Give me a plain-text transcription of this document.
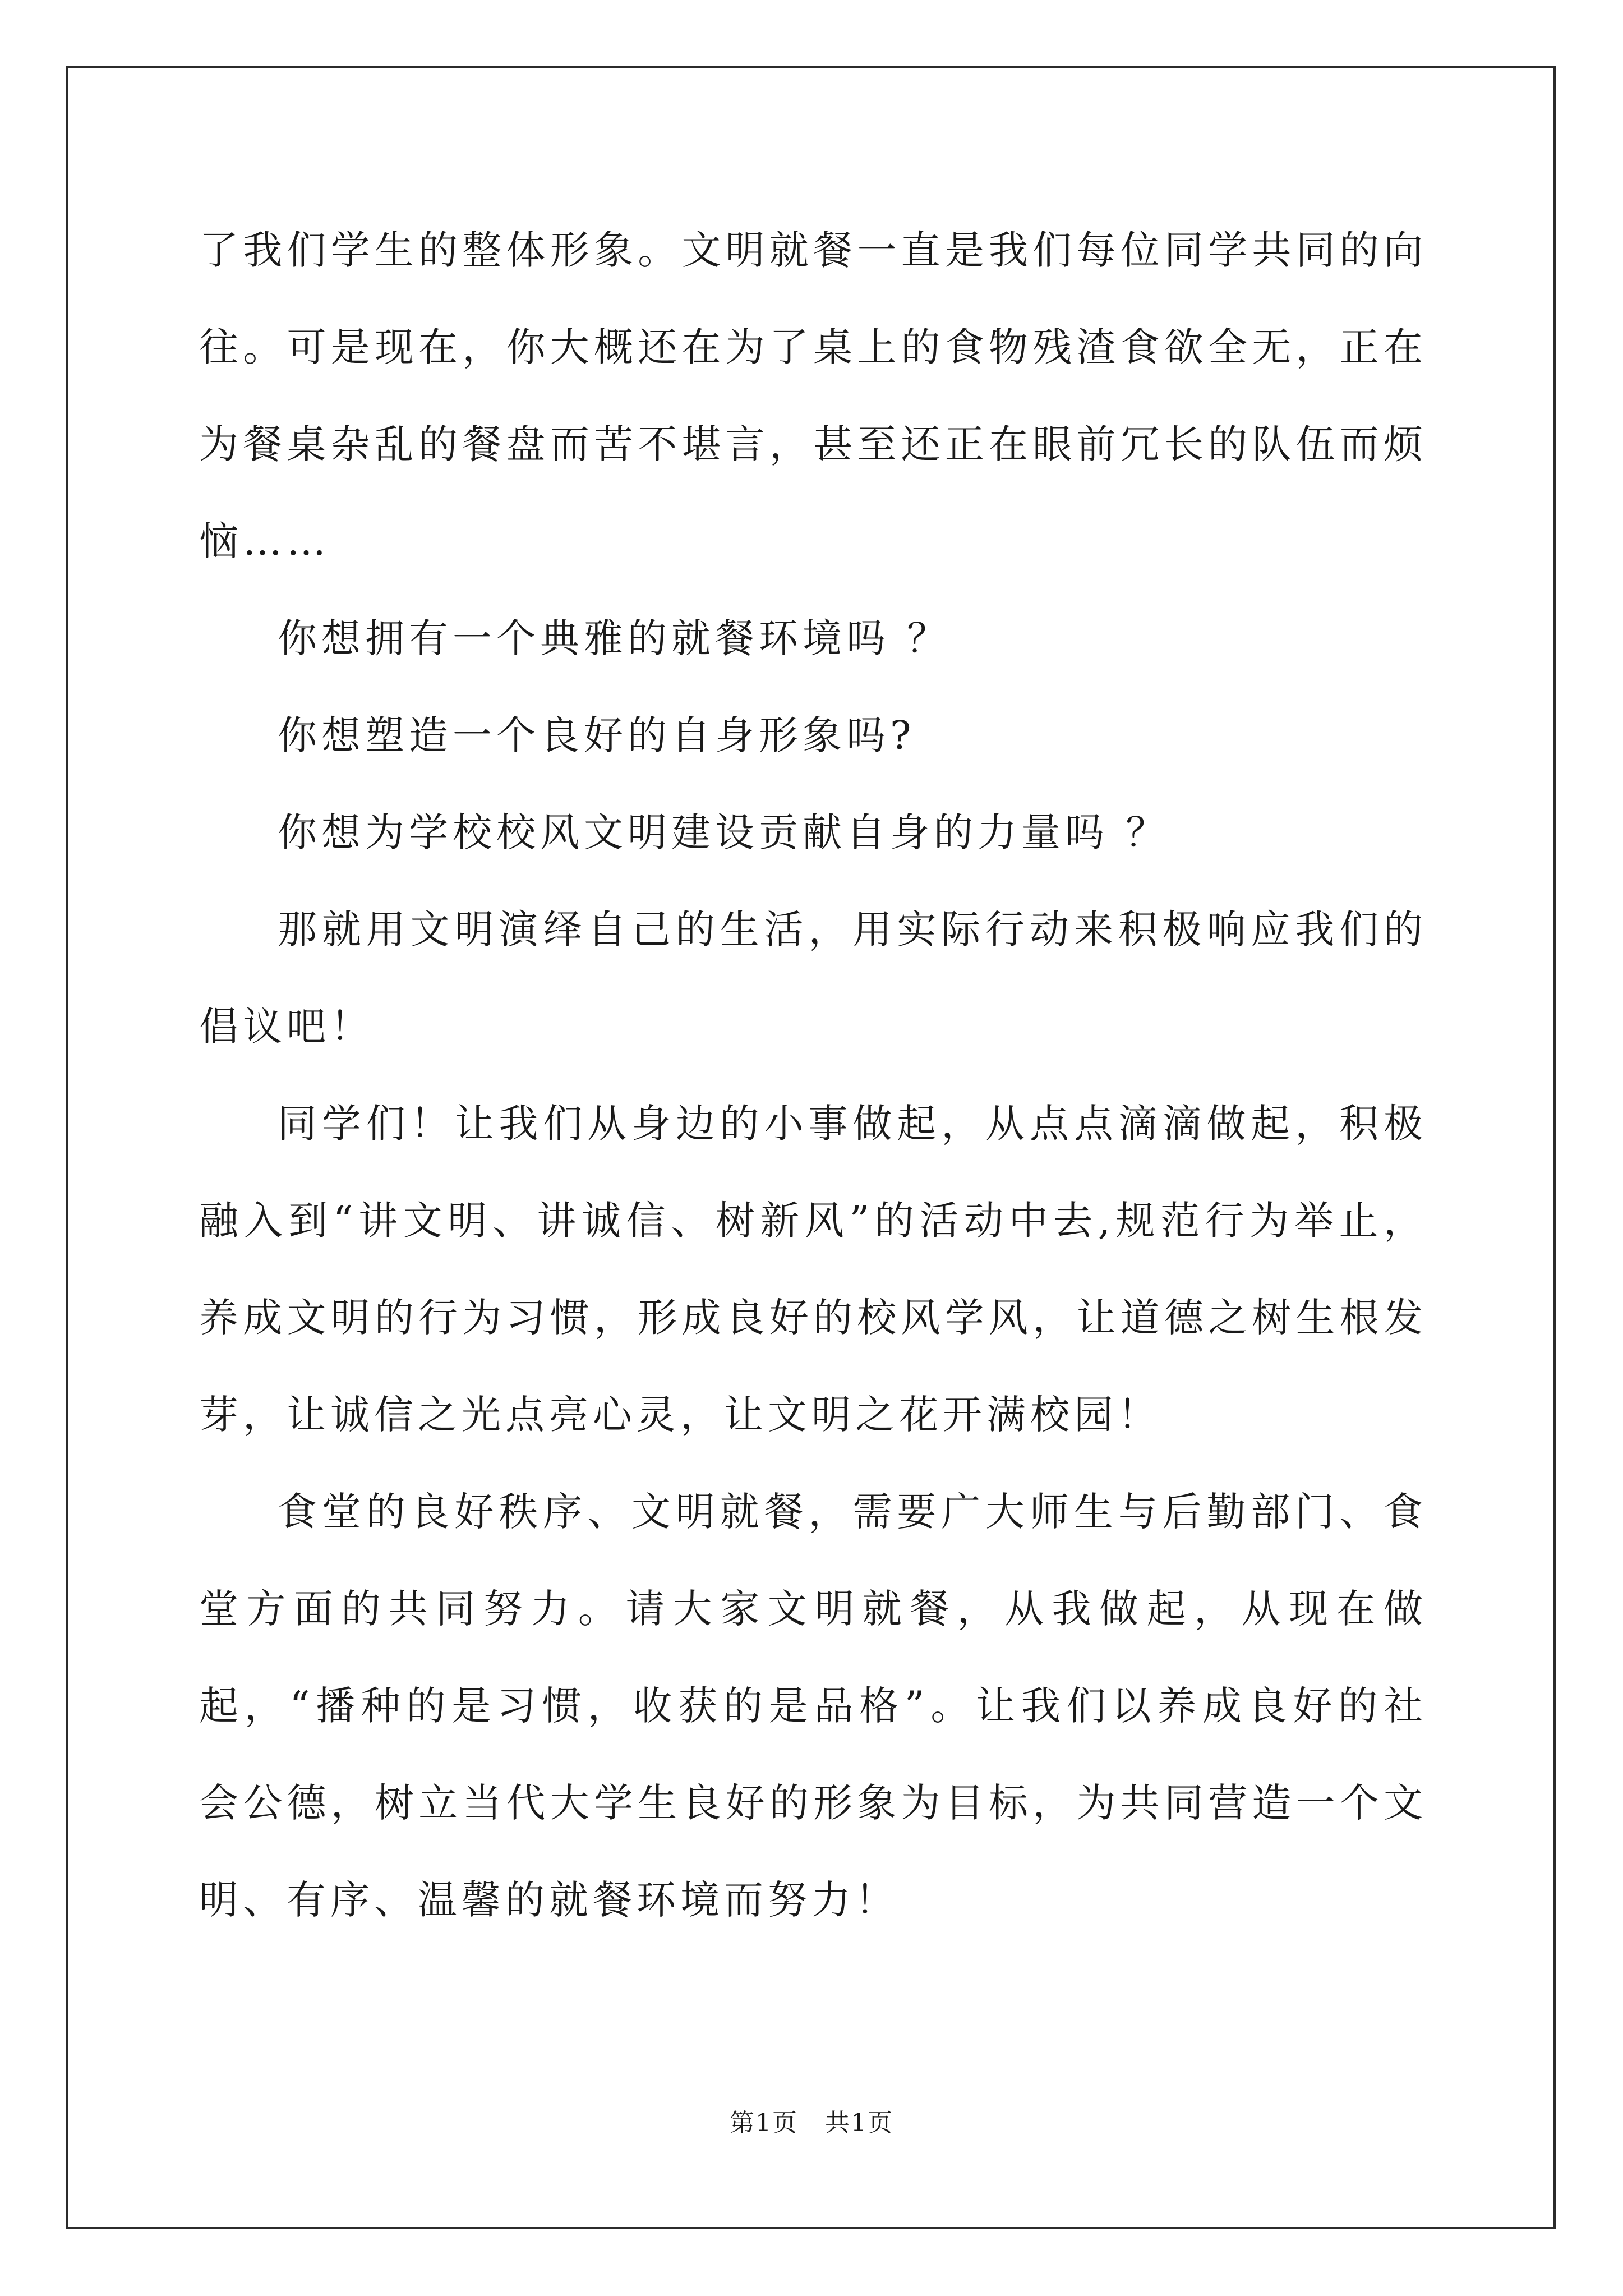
了我们学生的整体形象。文明就餐一直是我们每位同学共同的向往。可是现在，你大概还在为了桌上的食物残渣食欲全无，正在为餐桌杂乱的餐盘而苦不堪言，甚至还正在眼前冗长的队伍而烦恼……

你想拥有一个典雅的就餐环境吗 ？

你想塑造一个良好的自身形象吗?

你想为学校校风文明建设贡献自身的力量吗 ？

那就用文明演绎自己的生活，用实际行动来积极响应我们的倡议吧！

同学们！让我们从身边的小事做起，从点点滴滴做起，积极融入到“讲文明、讲诚信、树新风”的活动中去,规范行为举止，养成文明的行为习惯，形成良好的校风学风，让道德之树生根发芽，让诚信之光点亮心灵，让文明之花开满校园！

食堂的良好秩序、文明就餐，需要广大师生与后勤部门、食堂方面的共同努力。请大家文明就餐，从我做起，从现在做起，“播种的是习惯，收获的是品格”。让我们以养成良好的社会公德，树立当代大学生良好的形象为目标，为共同营造一个文明、有序、温馨的就餐环境而努力！

第1页 共1页
